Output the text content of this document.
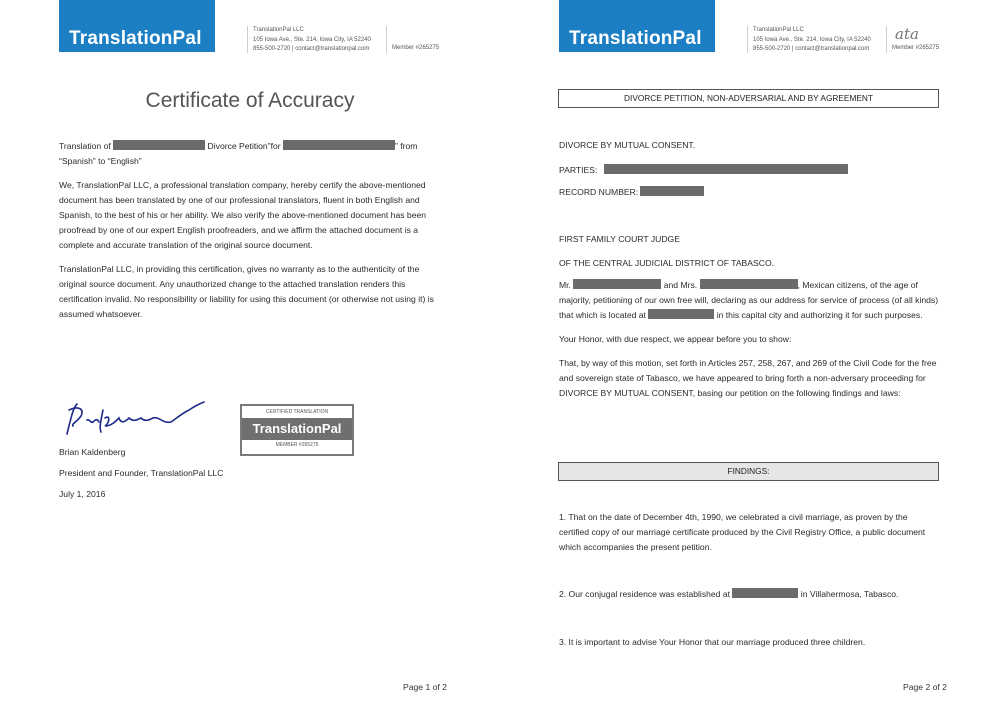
TranslationPal	TranslationPal LLC
105 Iowa Ave., Ste. 214, Iowa City, IA 52240
855-500-2720 | contact@translationpal.com	Member #265275
Certificate of Accuracy

Translation of	Divorce Petition”for	” from
“Spanish” to “English”

We, TranslationPal LLC, a professional translation company, hereby certify the above-mentioned document has been translated by one of our professional translators, fluent in both English and Spanish, to the best of his or her ability. We also verify the above-mentioned document has been proofread by one of our expert English proofreaders, and we affirm the attached document is a complete and accurate translation of the original source document.

TranslationPal LLC, in providing this certification, gives no warranty as to the authenticity of the original source document. Any unauthorized change to the attached translation renders this certification invalid. No responsibility or liability for using this document (or otherwise not using it) is assumed whatsoever.

CERTIFIED TRANSLATION
TranslationPal
MEMBER #265275
Brian Kaldenberg
President and Founder, TranslationPal LLC
July 1, 2016
Page 1 of 2
TranslationPal	TranslationPal LLC
105 Iowa Ave., Ste. 214, Iowa City, IA 52240
855-500-2720 | contact@translationpal.com
ata
Member #265275
DIVORCE PETITION, NON-ADVERSARIAL AND BY AGREEMENT
DIVORCE BY MUTUAL CONSENT.
PARTIES:
RECORD NUMBER:
FIRST FAMILY COURT JUDGE
OF THE CENTRAL JUDICIAL DISTRICT OF TABASCO.

Mr.	and Mrs.	, Mexican citizens, of the age of majority, petitioning of our own free will, declaring as our address for service of process (of all kinds) that which is located at	in this capital city and authorizing it for such purposes.

Your Honor, with due respect, we appear before you to show:

That, by way of this motion, set forth in Articles 257, 258, 267, and 269 of the Civil Code for the free and sovereign state of Tabasco, we have appeared to bring forth a non-adversary proceeding for DIVORCE BY MUTUAL CONSENT, basing our petition on the following findings and laws:

FINDINGS:
1. That on the date of December 4th, 1990, we celebrated a civil marriage, as proven by the certified copy of our marriage certificate produced by the Civil Registry Office, a public document which accompanies the present petition.
2. Our conjugal residence was established at	in Villahermosa, Tabasco.
3. It is important to advise Your Honor that our marriage produced three children.
Page 2 of 2
